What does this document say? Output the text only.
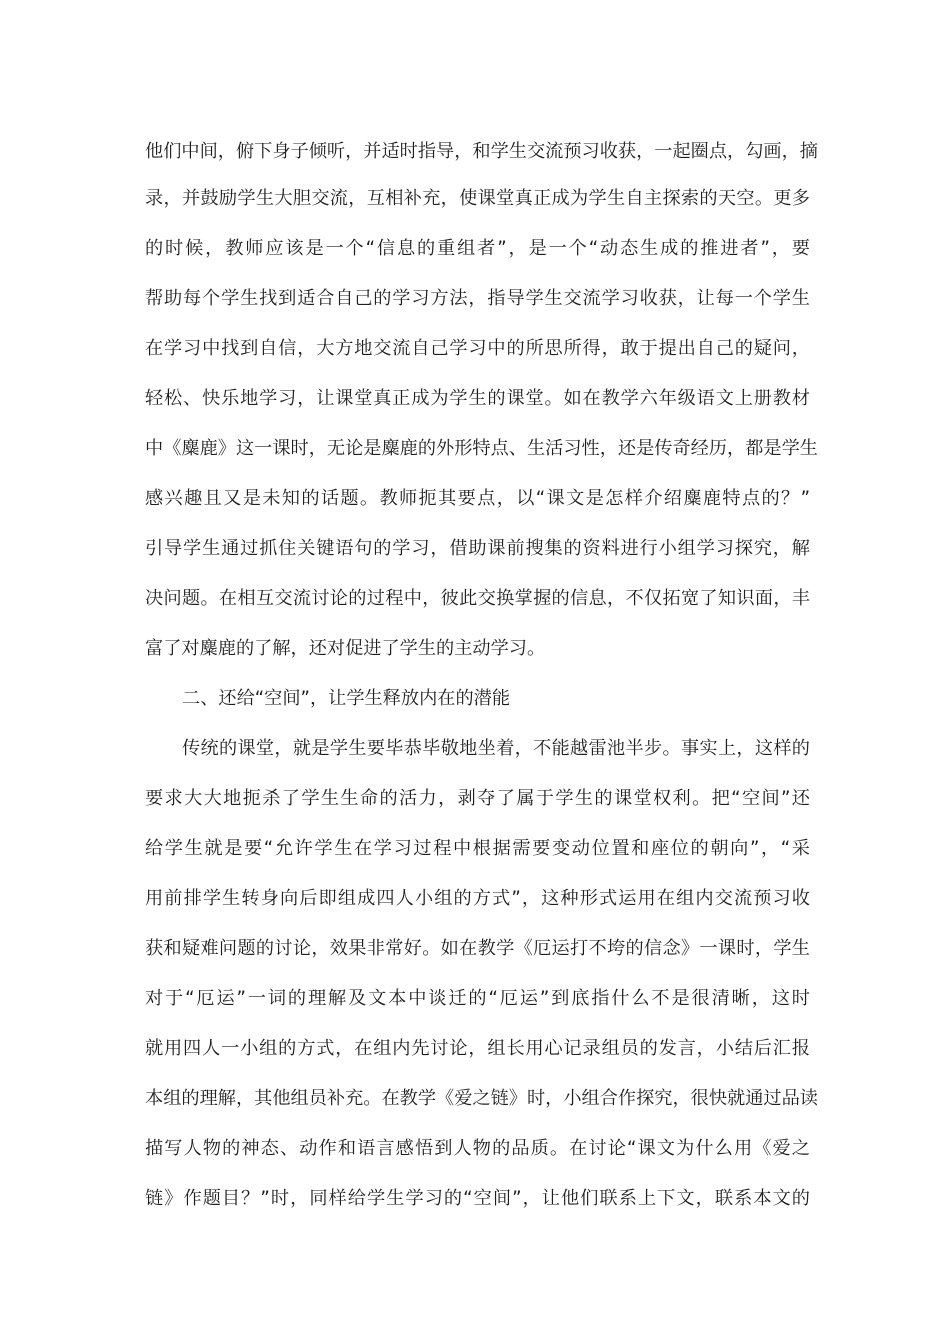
他们中间，俯下身子倾听，并适时指导，和学生交流预习收获，一起圈点，勾画，摘
录，并鼓励学生大胆交流，互相补充，使课堂真正成为学生自主探索的天空。更多
的时候，教师应该是一个“信息的重组者”，是一个“动态生成的推进者”，要
帮助每个学生找到适合自己的学习方法，指导学生交流学习收获，让每一个学生
在学习中找到自信，大方地交流自己学习中的所思所得，敢于提出自己的疑问，
轻松、快乐地学习，让课堂真正成为学生的课堂。如在教学六年级语文上册教材
中《麋鹿》这一课时，无论是麋鹿的外形特点、生活习性，还是传奇经历，都是学生
感兴趣且又是未知的话题。教师扼其要点，以“课文是怎样介绍麋鹿特点的？”
引导学生通过抓住关键语句的学习，借助课前搜集的资料进行小组学习探究，解
决问题。在相互交流讨论的过程中，彼此交换掌握的信息，不仅拓宽了知识面，丰
富了对麋鹿的了解，还对促进了学生的主动学习。
二、还给“空间”，让学生释放内在的潜能
传统的课堂，就是学生要毕恭毕敬地坐着，不能越雷池半步。事实上，这样的
要求大大地扼杀了学生生命的活力，剥夺了属于学生的课堂权利。把“空间”还
给学生就是要“允许学生在学习过程中根据需要变动位置和座位的朝向”，“采
用前排学生转身向后即组成四人小组的方式”，这种形式运用在组内交流预习收
获和疑难问题的讨论，效果非常好。如在教学《厄运打不垮的信念》一课时，学生
对于“厄运”一词的理解及文本中谈迁的“厄运”到底指什么不是很清晰，这时
就用四人一小组的方式，在组内先讨论，组长用心记录组员的发言，小结后汇报
本组的理解，其他组员补充。在教学《爱之链》时，小组合作探究，很快就通过品读
描写人物的神态、动作和语言感悟到人物的品质。在讨论“课文为什么用《爱之
链》作题目？”时，同样给学生学习的“空间”，让他们联系上下文，联系本文的
